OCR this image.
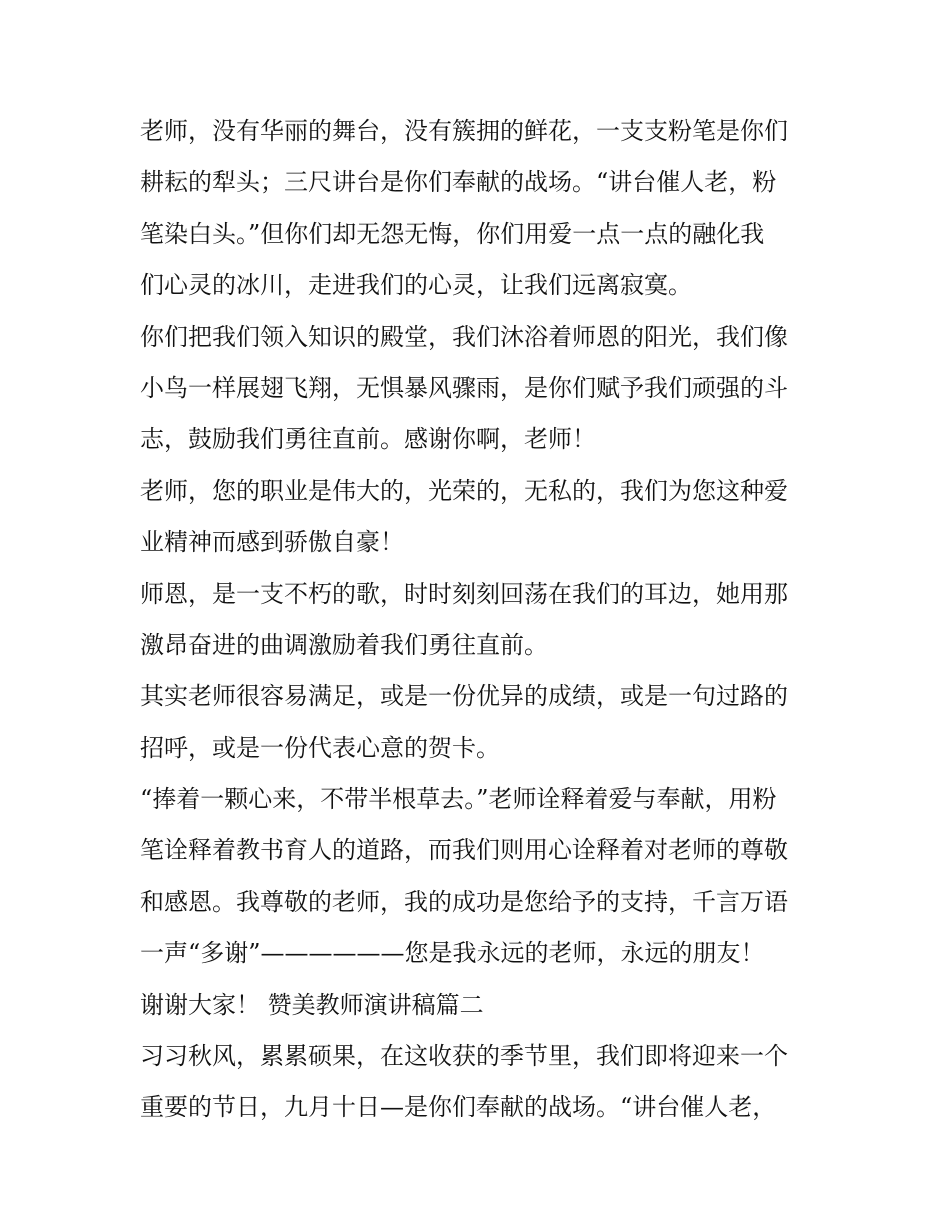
老师，没有华丽的舞台，没有簇拥的鲜花，一支支粉笔是你们
耕耘的犁头；三尺讲台是你们奉献的战场。“讲台催人老，粉
笔染白头。”但你们却无怨无悔，你们用爱一点一点的融化我
们心灵的冰川，走进我们的心灵，让我们远离寂寞。
你们把我们领入知识的殿堂，我们沐浴着师恩的阳光，我们像
小鸟一样展翅飞翔，无惧暴风骤雨，是你们赋予我们顽强的斗
志，鼓励我们勇往直前。感谢你啊，老师！
老师，您的职业是伟大的，光荣的，无私的，我们为您这种爱
业精神而感到骄傲自豪！
师恩，是一支不朽的歌，时时刻刻回荡在我们的耳边，她用那
激昂奋进的曲调激励着我们勇往直前。
其实老师很容易满足，或是一份优异的成绩，或是一句过路的
招呼，或是一份代表心意的贺卡。
“捧着一颗心来，不带半根草去。”老师诠释着爱与奉献，用粉
笔诠释着教书育人的道路，而我们则用心诠释着对老师的尊敬
和感恩。我尊敬的老师，我的成功是您给予的支持，千言万语
一声“多谢”——————您是我永远的老师，永远的朋友！
谢谢大家！ 赞美教师演讲稿篇二
习习秋风，累累硕果，在这收获的季节里，我们即将迎来一个
重要的节日，九月十日—是你们奉献的战场。“讲台催人老，
